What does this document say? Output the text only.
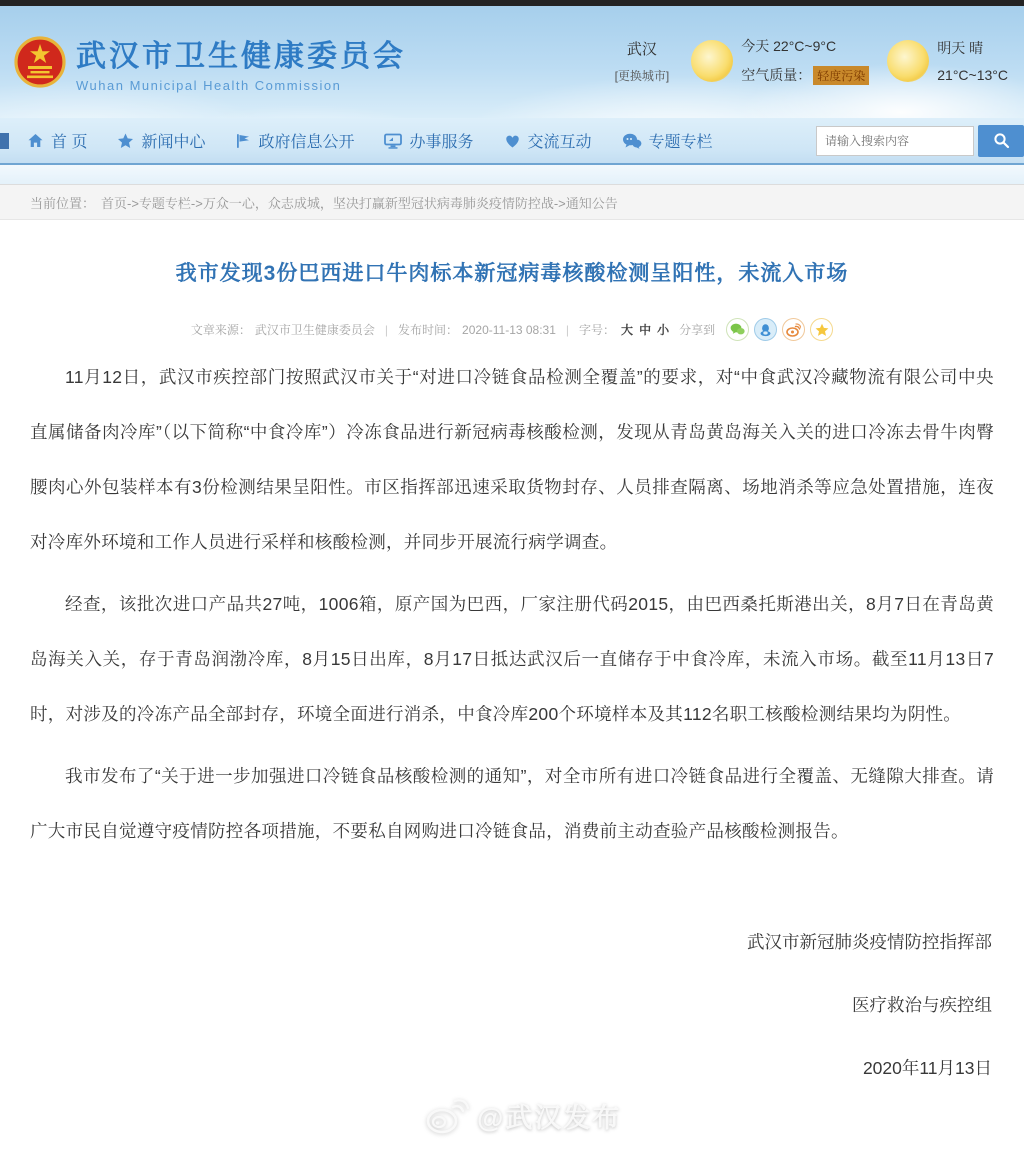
武汉市卫生健康委员会
Wuhan Municipal Health Commission
武汉
[更换城市]
今天
22°C~9°C
空气质量： 轻度污染
明天 晴
21°C~13°C
首 页	新闻中心	政府信息公开	办事服务	交流互动	专题专栏
请输入搜索内容
当前位置： 首页->专题专栏->万众一心，众志成城，坚决打赢新型冠状病毒肺炎疫情防控战->通知公告
我市发现3份巴西进口牛肉标本新冠病毒核酸检测呈阳性，未流入市场
文章来源： 武汉市卫生健康委员会 | 发布时间： 2020-11-13 08:31 | 字号： 大 中 小 分享到

11月12日，武汉市疾控部门按照武汉市关于“对进口冷链食品检测全覆盖”的要求，对“中食武汉冷藏物流有限公司中央直属储备肉冷库”（以下简称“中食冷库”）冷冻食品进行新冠病毒核酸检测，发现从青岛黄岛海关入关的进口冷冻去骨牛肉臀腰肉心外包装样本有3份检测结果呈阳性。市区指挥部迅速采取货物封存、人员排查隔离、场地消杀等应急处置措施，连夜对冷库外环境和工作人员进行采样和核酸检测，并同步开展流行病学调查。

经查，该批次进口产品共27吨，1006箱，原产国为巴西，厂家注册代码2015，由巴西桑托斯港出关，8月7日在青岛黄岛海关入关，存于青岛润渤冷库，8月15日出库，8月17日抵达武汉后一直储存于中食冷库，未流入市场。截至11月13日7时，对涉及的冷冻产品全部封存，环境全面进行消杀，中食冷库200个环境样本及其112名职工核酸检测结果均为阴性。

我市发布了“关于进一步加强进口冷链食品核酸检测的通知”，对全市所有进口冷链食品进行全覆盖、无缝隙大排查。请广大市民自觉遵守疫情防控各项措施，不要私自网购进口冷链食品，消费前主动查验产品核酸检测报告。

武汉市新冠肺炎疫情防控指挥部
医疗救治与疾控组
2020年11月13日
@武汉发布
